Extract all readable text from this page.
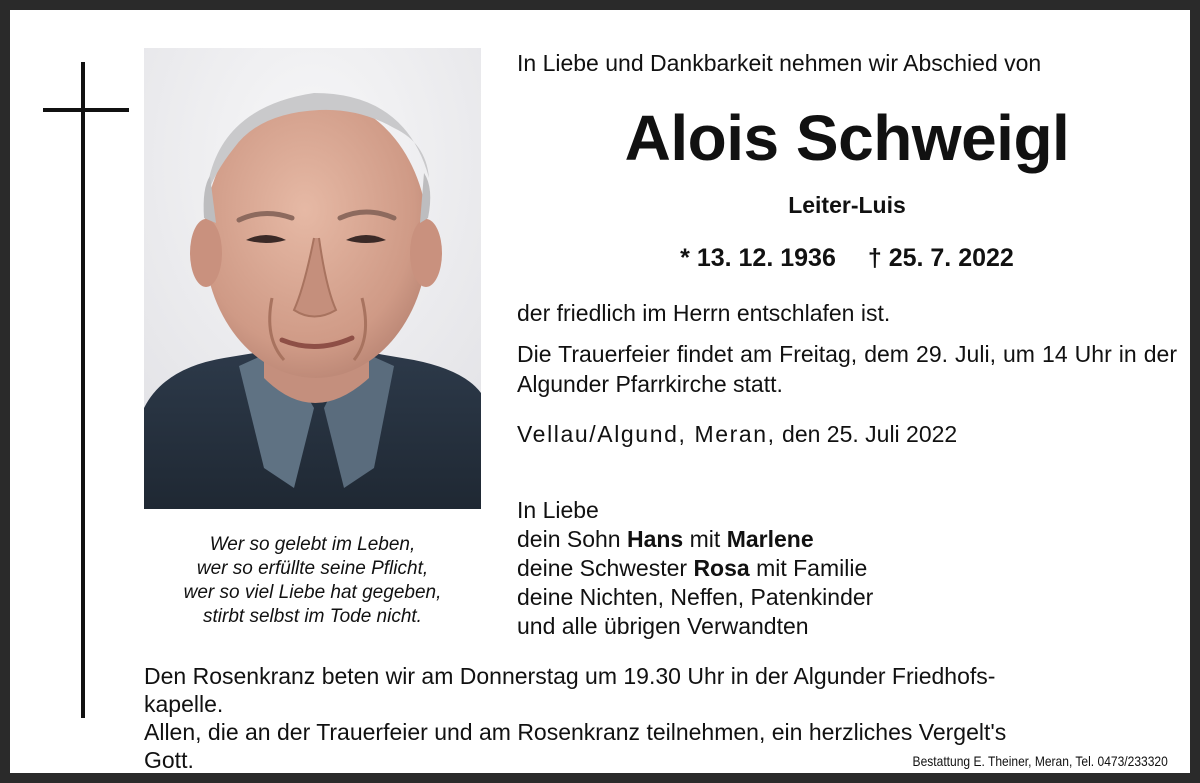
Wer so gelebt im Leben,
wer so erfüllte seine Pflicht,
wer so viel Liebe hat gegeben,
stirbt selbst im Tode nicht.
In Liebe und Dankbarkeit nehmen wir Abschied von
Alois Schweigl
Leiter-Luis
* 13. 12. 1936 † 25. 7. 2022
der friedlich im Herrn entschlafen ist.
Die Trauerfeier findet am Freitag, dem 29. Juli, um 14 Uhr in der Algunder Pfarrkirche statt.
Vellau/Algund, Meran, den 25. Juli 2022
In Liebe
dein Sohn Hans mit Marlene
deine Schwester Rosa mit Familie
deine Nichten, Neffen, Patenkinder
und alle übrigen Verwandten
Den Rosenkranz beten wir am Donnerstag um 19.30 Uhr in der Algunder Friedhofs-
kapelle.
Allen, die an der Trauerfeier und am Rosenkranz teilnehmen, ein herzliches Vergelt's
Gott.	Bestattung E. Theiner, Meran, Tel. 0473/233320
